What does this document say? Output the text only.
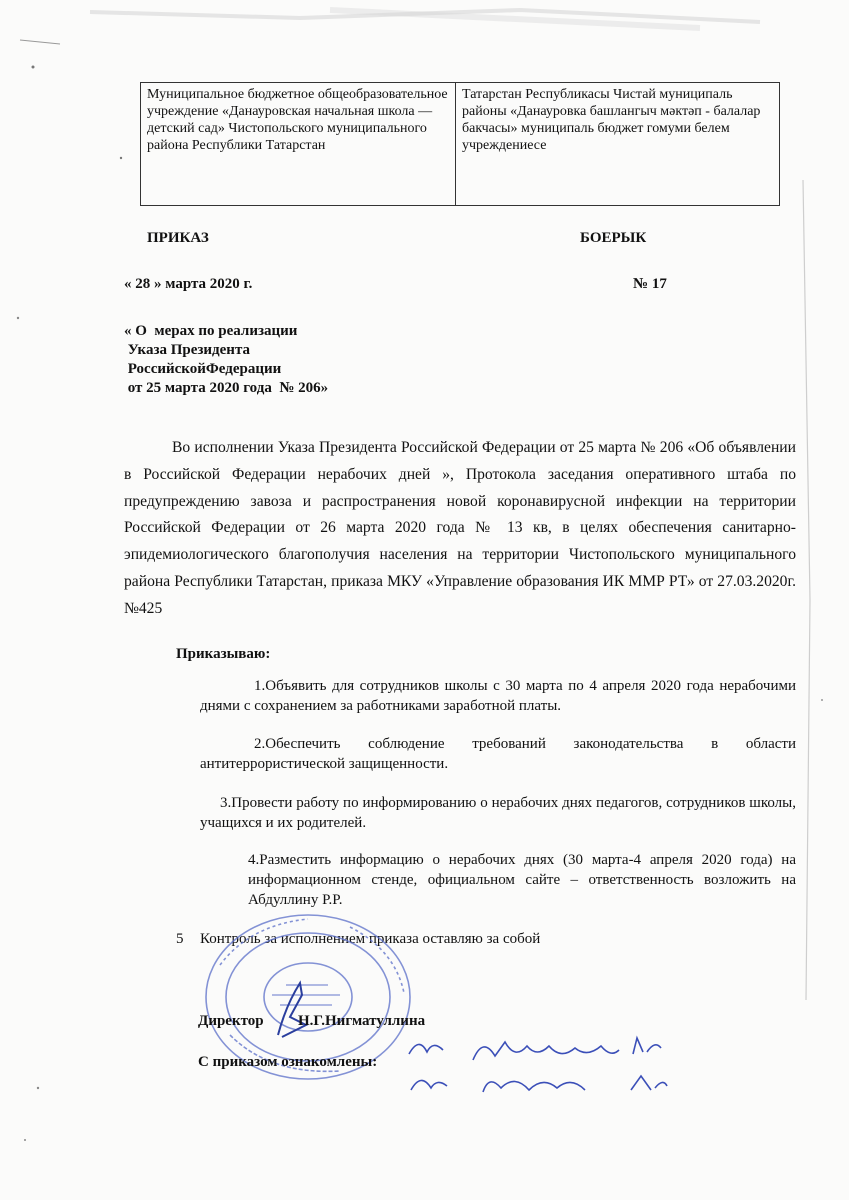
Муниципальное бюджетное общеобразовательное учреждение «Данауровская начальная школа — детский сад» Чистопольского муниципального района Республики Татарстан	Татарстан Республикасы Чистай муниципаль районы «Данауровка башлангыч мәктәп - балалар бакчасы» муниципаль бюджет гомуми белем учреждениесе
ПРИКАЗ	БОЕРЫК
« 28 » марта 2020 г.	№ 17
« О  мерах по реализации
Указа Президента
РоссийскойФедерации
от 25 марта 2020 года  № 206»
Во исполнении Указа Президента Российской Федерации от 25 марта № 206 «Об объявлении в Российской Федерации нерабочих дней », Протокола заседания оперативного штаба по предупреждению завоза и распространения новой коронавирусной инфекции на территории Российской Федерации от 26 марта 2020 года № 13 кв, в целях обеспечения санитарно-эпидемиологического благополучия населения на территории Чистопольского муниципального района Республики Татарстан, приказа МКУ «Управление образования ИК ММР РТ» от 27.03.2020г.№425
Приказываю:
1.Объявить для сотрудников школы с 30 марта по 4 апреля 2020 года нерабочими днями с сохранением за работниками заработной платы.
2.Обеспечить соблюдение требований законодательства в области антитеррористической защищенности.
3.Провести работу по информированию о нерабочих днях педагогов, сотрудников школы, учащихся и их родителей.
4.Разместить информацию о нерабочих днях (30 марта-4 апреля 2020 года) на информационном стенде, официальном сайте – ответственность возложить на Абдуллину Р.Р.
5 Контроль за исполнением приказа оставляю за собой
Директор Н.Г.Нигматуллина
С приказом ознакомлены:
